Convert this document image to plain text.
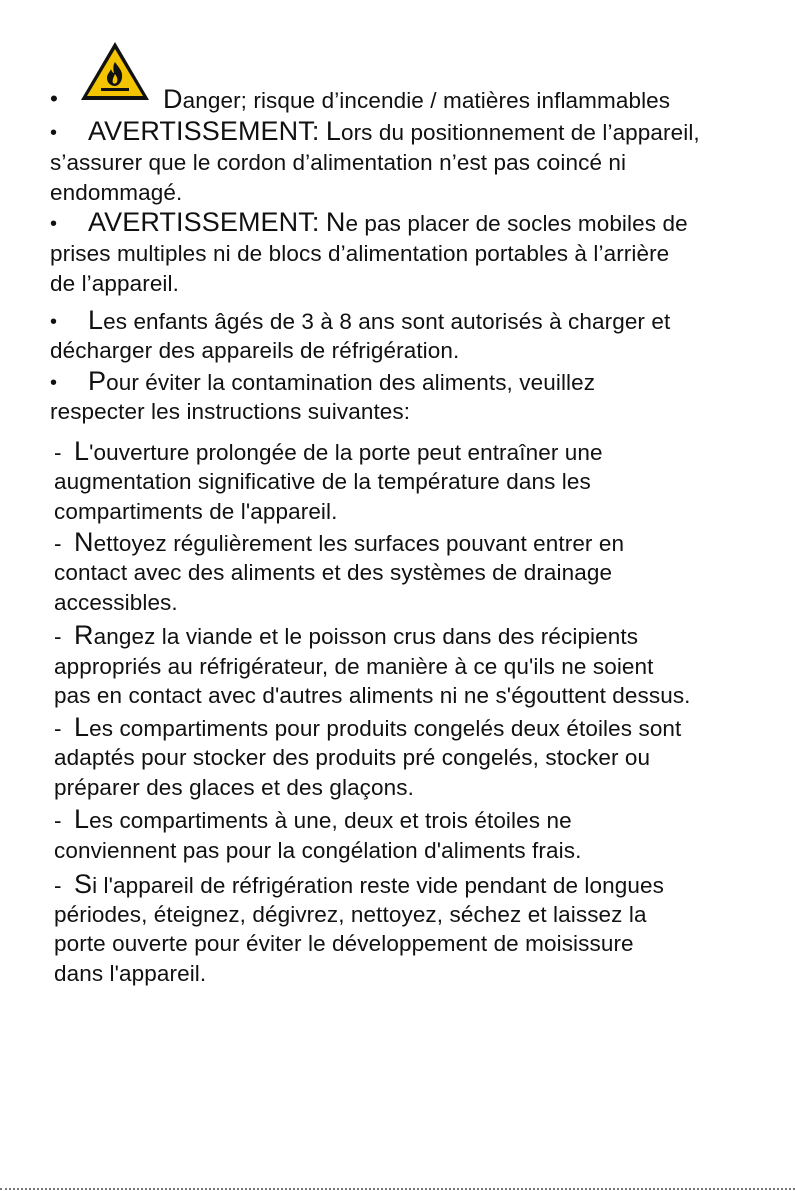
•	Danger; risque d’incendie / matières inflammables
• AVERTISSEMENT: Lors du positionnement de l’appareil,
s’assurer que le cordon d’alimentation n’est pas coincé ni
endommagé.
• AVERTISSEMENT: Ne pas placer de socles mobiles de
prises multiples ni de blocs d’alimentation portables à l’arrière
de l’appareil.
• Les enfants âgés de 3 à 8 ans sont autorisés à charger et
décharger des appareils de réfrigération.
• Pour éviter la contamination des aliments, veuillez
respecter les instructions suivantes:
- L'ouverture prolongée de la porte peut entraîner une
augmentation significative de la température dans les
compartiments de l'appareil.
- Nettoyez régulièrement les surfaces pouvant entrer en
contact avec des aliments et des systèmes de drainage
accessibles.
- Rangez la viande et le poisson crus dans des récipients
appropriés au réfrigérateur, de manière à ce qu'ils ne soient
pas en contact avec d'autres aliments ni ne s'égouttent dessus.
- Les compartiments pour produits congelés deux étoiles sont
adaptés pour stocker des produits pré congelés, stocker ou
préparer des glaces et des glaçons.
- Les compartiments à une, deux et trois étoiles ne
conviennent pas pour la congélation d'aliments frais.
- Si l'appareil de réfrigération reste vide pendant de longues
périodes, éteignez, dégivrez, nettoyez, séchez et laissez la
porte ouverte pour éviter le développement de moisissure
dans l'appareil.
